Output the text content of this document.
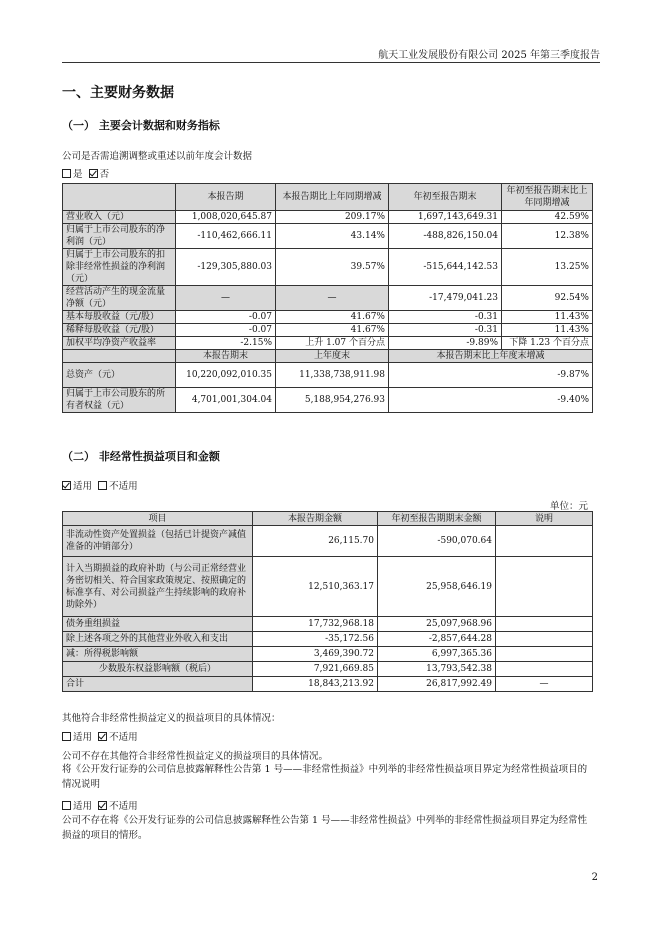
航天工业发展股份有限公司 2025 年第三季度报告
一、主要财务数据
（一） 主要会计数据和财务指标
公司是否需追溯调整或重述以前年度会计数据
是 否
	本报告期	本报告期比上年同期增减	年初至报告期末	年初至报告期末比上年同期增减
营业收入（元）	1,008,020,645.87	209.17%	1,697,143,649.31	42.59%
归属于上市公司股东的净利润（元）	-110,462,666.11	43.14%	-488,826,150.04	12.38%
归属于上市公司股东的扣除非经常性损益的净利润（元）	-129,305,880.03	39.57%	-515,644,142.53	13.25%
经营活动产生的现金流量净额（元）	—	—	-17,479,041.23	92.54%
基本每股收益（元/股）	-0.07	41.67%	-0.31	11.43%
稀释每股收益（元/股）	-0.07	41.67%	-0.31	11.43%
加权平均净资产收益率	-2.15%	上升 1.07 个百分点	-9.89%	下降 1.23 个百分点
	本报告期末	上年度末	本报告期末比上年度末增减	
总资产（元）	10,220,092,010.35	11,338,738,911.98	-9.87%	
归属于上市公司股东的所有者权益（元）	4,701,001,304.04	5,188,954,276.93	-9.40%	
（二） 非经常性损益项目和金额
适用 不适用
单位：元
项目	本报告期金额	年初至报告期期末金额	说明
非流动性资产处置损益（包括已计提资产减值准备的冲销部分）	26,115.70	-590,070.64	
计入当期损益的政府补助（与公司正常经营业务密切相关、符合国家政策规定、按照确定的标准享有、对公司损益产生持续影响的政府补助除外）	12,510,363.17	25,958,646.19	
债务重组损益	17,732,968.18	25,097,968.96	
除上述各项之外的其他营业外收入和支出	-35,172.56	-2,857,644.28	
减：所得税影响额	3,469,390.72	6,997,365.36	
少数股东权益影响额（税后）	7,921,669.85	13,793,542.38	
合计	18,843,213.92	26,817,992.49	—
其他符合非经常性损益定义的损益项目的具体情况：
适用 不适用
公司不存在其他符合非经常性损益定义的损益项目的具体情况。
将《公开发行证券的公司信息披露解释性公告第 1 号——非经常性损益》中列举的非经常性损益项目界定为经常性损益项目的情况说明
适用 不适用
公司不存在将《公开发行证券的公司信息披露解释性公告第 1 号——非经常性损益》中列举的非经常性损益项目界定为经常性损益的项目的情形。
2
